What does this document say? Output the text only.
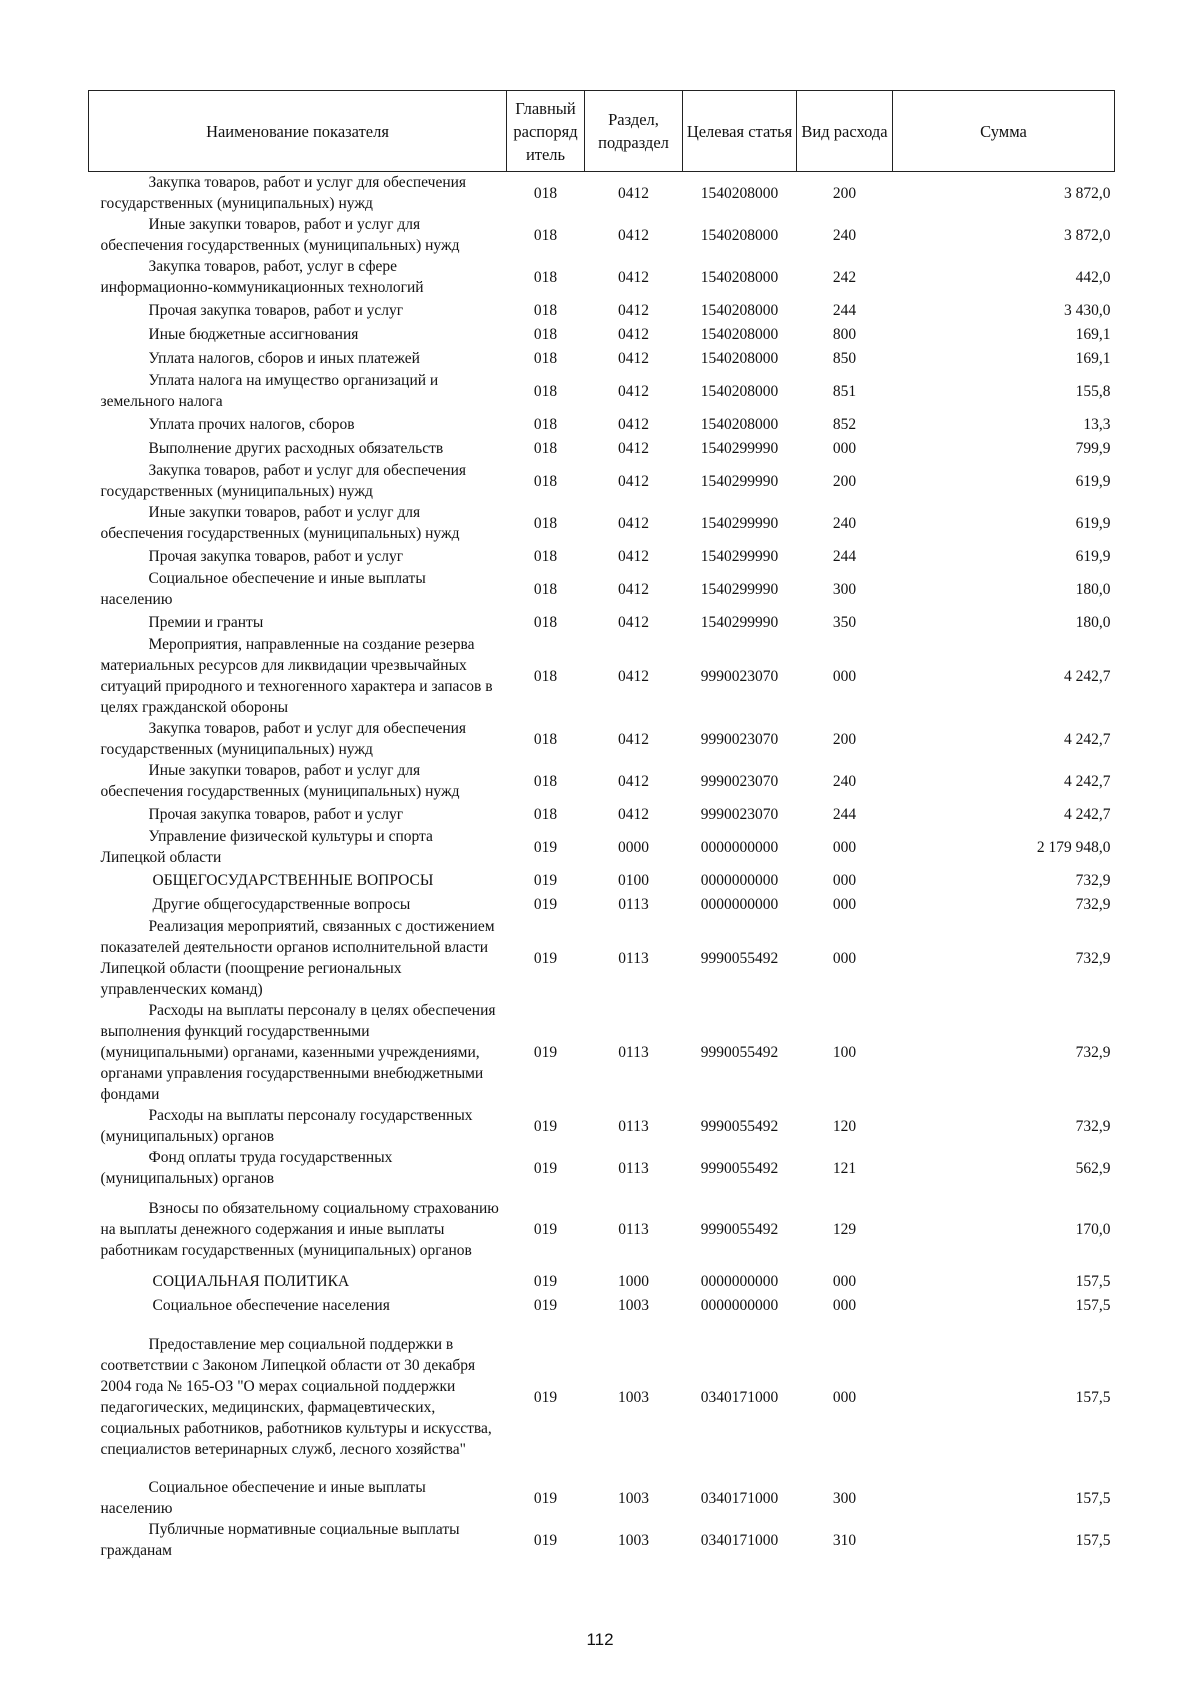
Наименование показателя	Главный распоряд итель	Раздел, подраздел	Целевая статья	Вид расхода	Сумма

Закупка товаров, работ и услуг для обеспечения государственных (муниципальных) нужд	018	0412	1540208000	200	3 872,0

Иные закупки товаров, работ и услуг для обеспечения государственных (муниципальных) нужд	018	0412	1540208000	240	3 872,0

Закупка товаров, работ, услуг в сфере информационно-коммуникационных технологий	018	0412	1540208000	242	442,0

Прочая закупка товаров, работ и услуг	018	0412	1540208000	244	3 430,0

Иные бюджетные ассигнования	018	0412	1540208000	800	169,1

Уплата налогов, сборов и иных платежей	018	0412	1540208000	850	169,1

Уплата налога на имущество организаций и земельного налога	018	0412	1540208000	851	155,8

Уплата прочих налогов, сборов	018	0412	1540208000	852	13,3

Выполнение других расходных обязательств	018	0412	1540299990	000	799,9

Закупка товаров, работ и услуг для обеспечения государственных (муниципальных) нужд	018	0412	1540299990	200	619,9

Иные закупки товаров, работ и услуг для обеспечения государственных (муниципальных) нужд	018	0412	1540299990	240	619,9

Прочая закупка товаров, работ и услуг	018	0412	1540299990	244	619,9

Социальное обеспечение и иные выплаты населению	018	0412	1540299990	300	180,0

Премии и гранты	018	0412	1540299990	350	180,0

Мероприятия, направленные на создание резерва материальных ресурсов для ликвидации чрезвычайных ситуаций природного и техногенного характера и запасов в целях гражданской обороны	018	0412	9990023070	000	4 242,7

Закупка товаров, работ и услуг для обеспечения государственных (муниципальных) нужд	018	0412	9990023070	200	4 242,7

Иные закупки товаров, работ и услуг для обеспечения государственных (муниципальных) нужд	018	0412	9990023070	240	4 242,7

Прочая закупка товаров, работ и услуг	018	0412	9990023070	244	4 242,7

Управление физической культуры и спорта Липецкой области	019	0000	0000000000	000	2 179 948,0

ОБЩЕГОСУДАРСТВЕННЫЕ ВОПРОСЫ	019	0100	0000000000	000	732,9

Другие общегосударственные вопросы	019	0113	0000000000	000	732,9

Реализация мероприятий, связанных с достижением показателей деятельности органов исполнительной власти Липецкой области (поощрение региональных управленческих команд)	019	0113	9990055492	000	732,9

Расходы на выплаты персоналу в целях обеспечения выполнения функций государственными (муниципальными) органами, казенными учреждениями, органами управления государственными внебюджетными фондами	019	0113	9990055492	100	732,9

Расходы на выплаты персоналу государственных (муниципальных) органов	019	0113	9990055492	120	732,9

Фонд оплаты труда государственных (муниципальных) органов	019	0113	9990055492	121	562,9

Взносы по обязательному социальному страхованию на выплаты денежного содержания и иные выплаты работникам государственных (муниципальных) органов	019	0113	9990055492	129	170,0

СОЦИАЛЬНАЯ ПОЛИТИКА	019	1000	0000000000	000	157,5

Социальное обеспечение населения	019	1003	0000000000	000	157,5

Предоставление мер социальной поддержки в соответствии с Законом Липецкой области от 30 декабря 2004 года № 165-ОЗ "О мерах социальной поддержки педагогических, медицинских, фармацевтических, социальных работников, работников культуры и искусства, специалистов ветеринарных служб, лесного хозяйства"	019	1003	0340171000	000	157,5

Социальное обеспечение и иные выплаты населению	019	1003	0340171000	300	157,5

Публичные нормативные социальные выплаты гражданам	019	1003	0340171000	310	157,5
112
